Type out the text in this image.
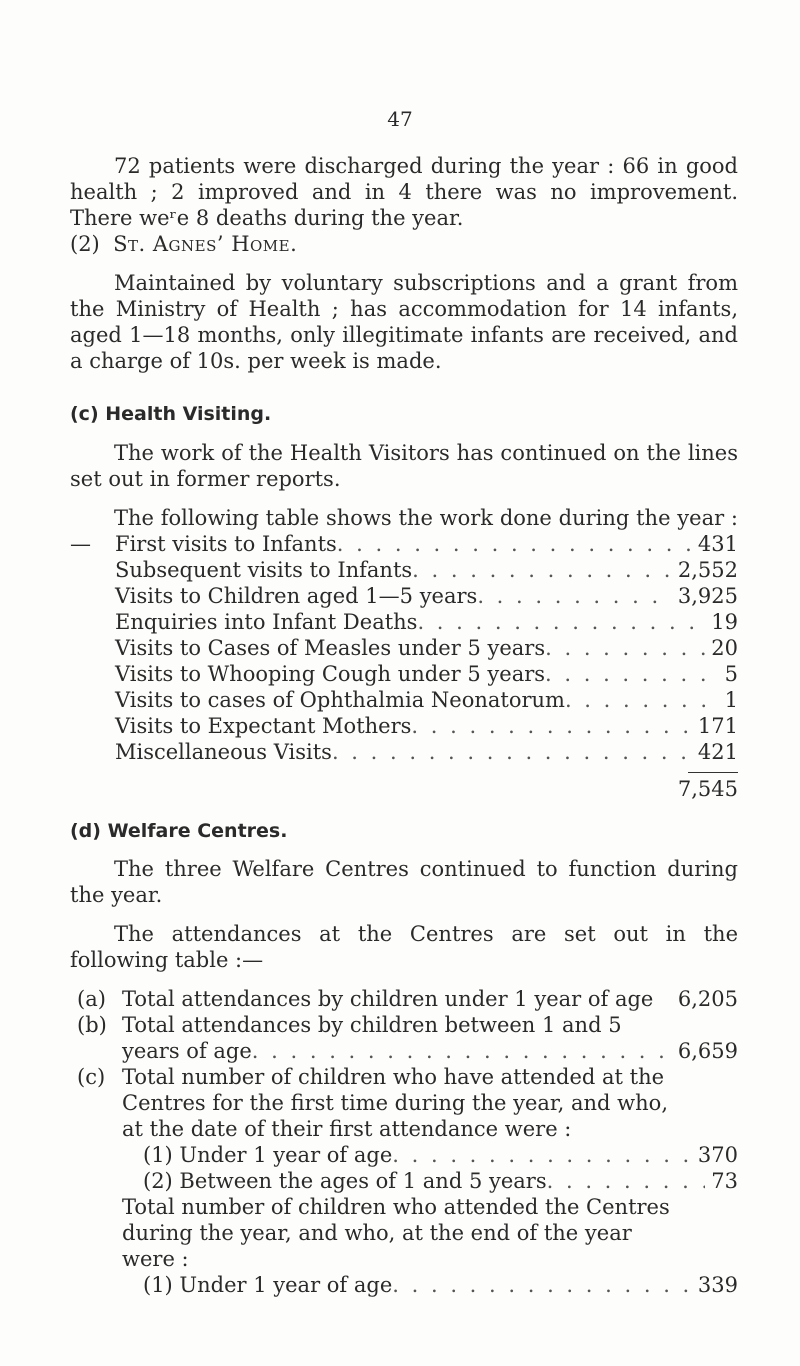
47
72 patients were discharged during the year : 66 in good health ; 2 improved and in 4 there was no improvement. There weʳe 8 deaths during the year.
(2) St. Agnes’ Home.
Maintained by voluntary subscriptions and a grant from the Ministry of Health ; has accommodation for 14 infants, aged 1—18 months, only illegitimate infants are received, and a charge of 10s. per week is made.
(c) Health Visiting.
The work of the Health Visitors has continued on the lines set out in former reports.
The following table shows the work done during the year :—	First visits to Infants . . .	431
Subsequent visits to Infants . . .	2,552
Visits to Children aged 1—5 years . . .	3,925
Enquiries into Infant Deaths . . .	19
Visits to Cases of Measles under 5 years . . .	20
Visits to Whooping Cough under 5 years . . .	5
Visits to cases of Ophthalmia Neonatorum . . .	1
Visits to Expectant Mothers . . .	171
Miscellaneous Visits . . .	421
7,545
(d) Welfare Centres.
The three Welfare Centres continued to function during the year.
The attendances at the Centres are set out in the following table :—
(a) Total attendances by children under 1 year of age	6,205
(b) Total attendances by children between 1 and 5
years of age . . .	6,659
(c) Total number of children who have attended at the
Centres for the first time during the year, and who,
at the date of their first attendance were :
(1) Under 1 year of age . . .	370
(2) Between the ages of 1 and 5 years . . .	73
Total number of children who attended the Centres
during the year, and who, at the end of the year
were :
(1) Under 1 year of age . . .	339
